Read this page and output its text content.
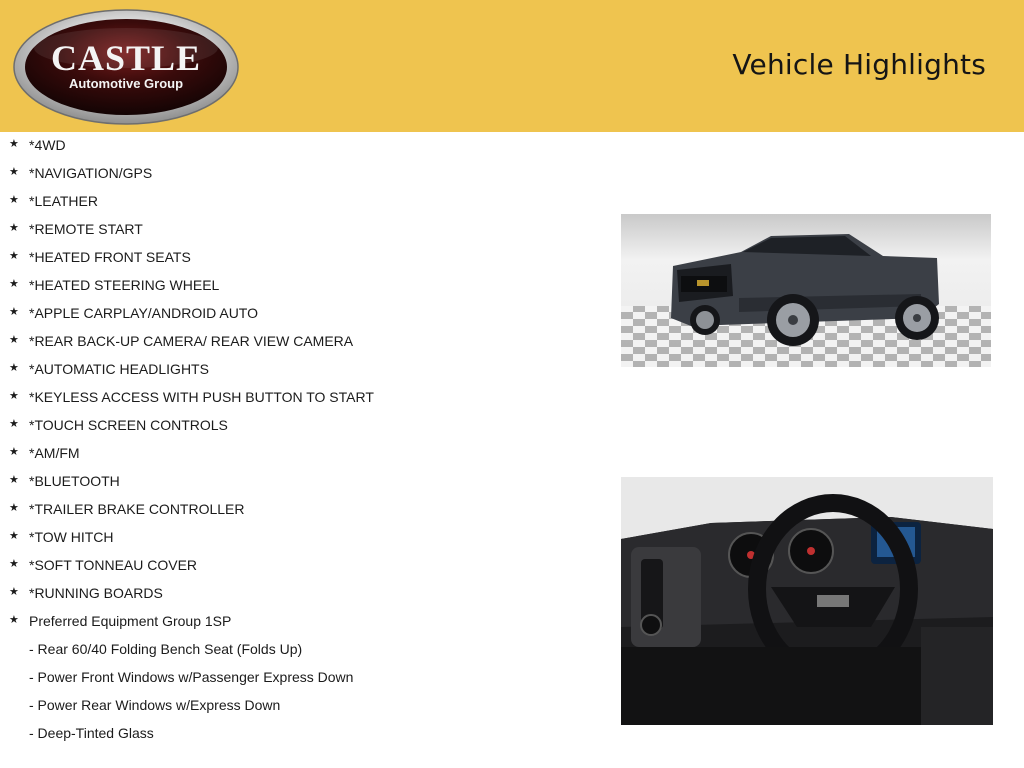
CASTLE
Automotive Group
Vehicle Highlights
★ *4WD
★ *NAVIGATION/GPS
★ *LEATHER
★ *REMOTE START
★ *HEATED FRONT SEATS
★ *HEATED STEERING WHEEL
★ *APPLE CARPLAY/ANDROID AUTO
★ *REAR BACK-UP CAMERA/ REAR VIEW CAMERA
★ *AUTOMATIC HEADLIGHTS
★ *KEYLESS ACCESS WITH PUSH BUTTON TO START
★ *TOUCH SCREEN CONTROLS
★ *AM/FM
★ *BLUETOOTH
★ *TRAILER BRAKE CONTROLLER
★ *TOW HITCH
★ *SOFT TONNEAU COVER
★ *RUNNING BOARDS
★ Preferred Equipment Group 1SP
- Rear 60/40 Folding Bench Seat (Folds Up)
- Power Front Windows w/Passenger Express Down
- Power Rear Windows w/Express Down
- Deep-Tinted Glass
